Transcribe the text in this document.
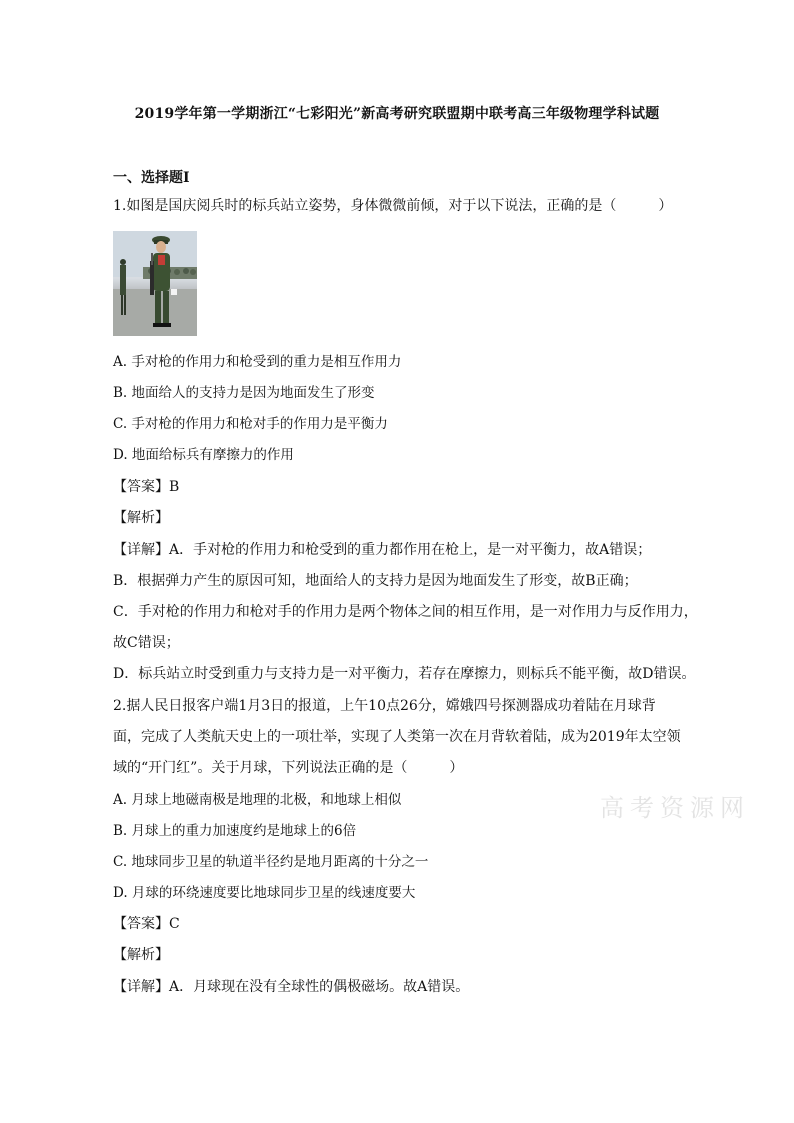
2019学年第一学期浙江“七彩阳光”新高考研究联盟期中联考高三年级物理学科试题
一、选择题Ⅰ
1.如图是国庆阅兵时的标兵站立姿势，身体微微前倾，对于以下说法，正确的是（　　　）
A. 手对枪的作用力和枪受到的重力是相互作用力
B. 地面给人的支持力是因为地面发生了形变
C. 手对枪的作用力和枪对手的作用力是平衡力
D. 地面给标兵有摩擦力的作用
【答案】B
【解析】
【详解】A．手对枪的作用力和枪受到的重力都作用在枪上，是一对平衡力，故A错误；
B．根据弹力产生的原因可知，地面给人的支持力是因为地面发生了形变，故B正确；
C．手对枪的作用力和枪对手的作用力是两个物体之间的相互作用，是一对作用力与反作用力，
故C错误；
D．标兵站立时受到重力与支持力是一对平衡力，若存在摩擦力，则标兵不能平衡，故D错误。
2.据人民日报客户端1月3日的报道，上午10点26分，嫦娥四号探测器成功着陆在月球背
面，完成了人类航天史上的一项壮举，实现了人类第一次在月背软着陆，成为2019年太空领
域的“开门红”。关于月球，下列说法正确的是（　　　）
高考资源网
A. 月球上地磁南极是地理的北极，和地球上相似
B. 月球上的重力加速度约是地球上的6倍
C. 地球同步卫星的轨道半径约是地月距离的十分之一
D. 月球的环绕速度要比地球同步卫星的线速度要大
【答案】C
【解析】
【详解】A．月球现在没有全球性的偶极磁场。故A错误。
